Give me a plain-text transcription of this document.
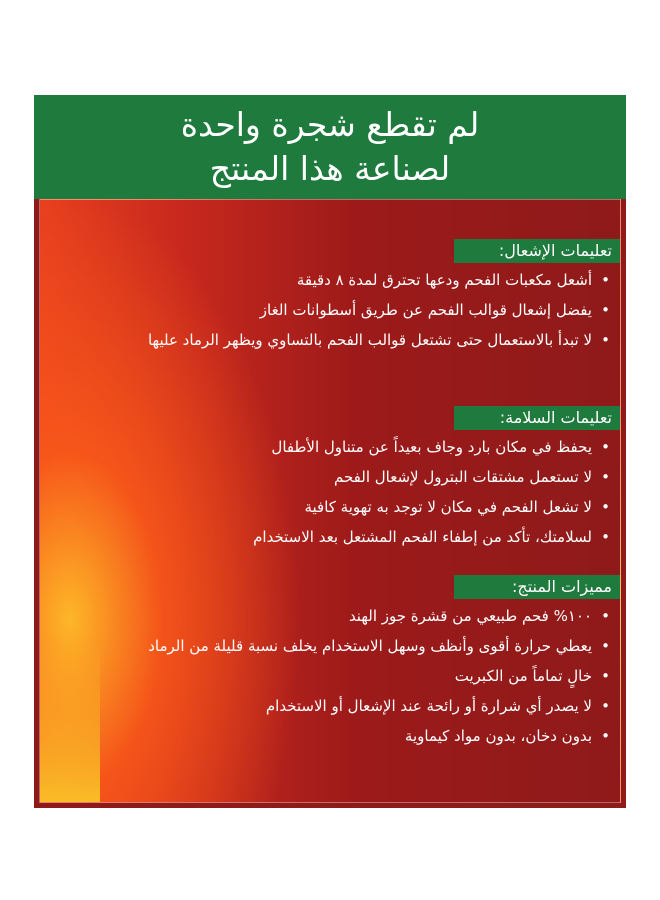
لم تقطع شجرة واحدة
لصناعة هذا المنتج
تعليمات الإشعال:
•
أشعل مكعبات الفحم ودعها تحترق لمدة ٨ دقيقة
•
يفضل إشعال قوالب الفحم عن طريق أسطوانات الغاز
•
لا تبدأ بالاستعمال حتى تشتعل قوالب الفحم بالتساوي ويظهر الرماد عليها
تعليمات السلامة:
•
يحفظ في مكان بارد وجاف بعيداً عن متناول الأطفال
•
لا تستعمل مشتقات البترول لإشعال الفحم
•
لا تشعل الفحم في مكان لا توجد به تهوية كافية
•
لسلامتك، تأكد من إطفاء الفحم المشتعل بعد الاستخدام
مميزات المنتج:
•
١٠٠% فحم طبيعي من قشرة جوز الهند
•
يعطي حرارة أقوى وأنظف وسهل الاستخدام يخلف نسبة قليلة من الرماد
•
خالٍ تماماً من الكبريت
•
لا يصدر أي شرارة أو رائحة عند الإشعال أو الاستخدام
•
بدون دخان، بدون مواد كيماوية
